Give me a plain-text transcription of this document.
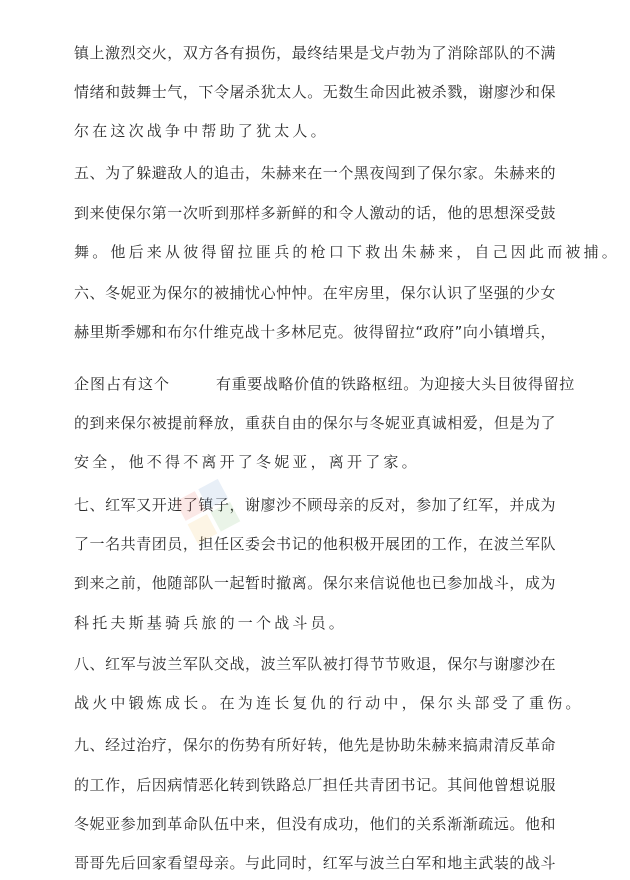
镇上激烈交火，双方各有损伤，最终结果是戈卢勃为了消除部队的不满
情绪和鼓舞士气，下令屠杀犹太人。无数生命因此被杀戮，谢廖沙和保
尔在这次战争中帮助了犹太人。
五、为了躲避敌人的追击，朱赫来在一个黑夜闯到了保尔家。朱赫来的
到来使保尔第一次听到那样多新鲜的和令人激动的话，他的思想深受鼓
舞。他后来从彼得留拉匪兵的枪口下救出朱赫来，自己因此而被捕。
六、冬妮亚为保尔的被捕忧心忡忡。在牢房里，保尔认识了坚强的少女
赫里斯季娜和布尔什维克战十多林尼克。彼得留拉“政府”向小镇增兵，
企图占有这个	有重要战略价值的铁路枢纽。为迎接大头目彼得留拉
的到来保尔被提前释放，重获自由的保尔与冬妮亚真诚相爱，但是为了
安全，他不得不离开了冬妮亚，离开了家。
七、红军又开进了镇子，谢廖沙不顾母亲的反对，参加了红军，并成为
了一名共青团员，担任区委会书记的他积极开展团的工作，在波兰军队
到来之前，他随部队一起暂时撤离。保尔来信说他也已参加战斗，成为
科托夫斯基骑兵旅的一个战斗员。
八、红军与波兰军队交战，波兰军队被打得节节败退，保尔与谢廖沙在
战火中锻炼成长。在为连长复仇的行动中，保尔头部受了重伤。
九、经过治疗，保尔的伤势有所好转，他先是协助朱赫来搞肃清反革命
的工作，后因病情恶化转到铁路总厂担任共青团书记。其间他曾想说服
冬妮亚参加到革命队伍中来，但没有成功，他们的关系渐渐疏远。他和
哥哥先后回家看望母亲。与此同时，红军与波兰白军和地主武装的战斗
